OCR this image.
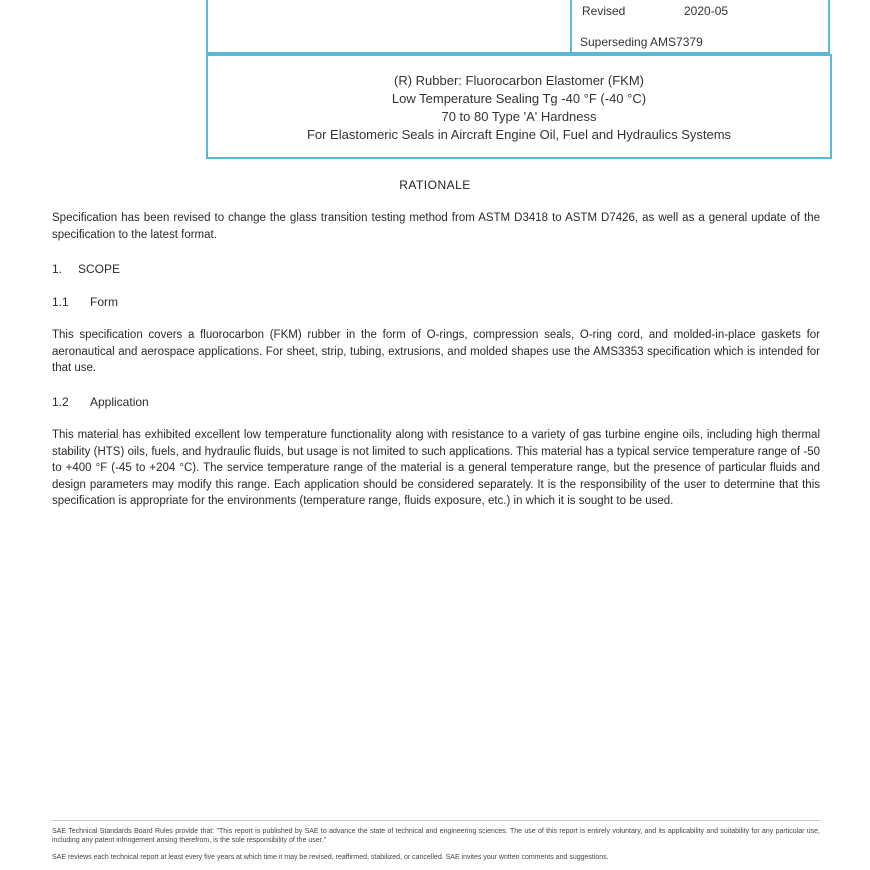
Revised	2020-05
Superseding AMS7379
(R) Rubber: Fluorocarbon Elastomer (FKM)
Low Temperature Sealing Tg -40 °F (-40 °C)
70 to 80 Type 'A' Hardness
For Elastomeric Seals in Aircraft Engine Oil, Fuel and Hydraulics Systems
RATIONALE
Specification has been revised to change the glass transition testing method from ASTM D3418 to ASTM D7426, as well as a general update of the specification to the latest format.
1. SCOPE
1.1 Form
This specification covers a fluorocarbon (FKM) rubber in the form of O-rings, compression seals, O-ring cord, and molded-in-place gaskets for aeronautical and aerospace applications. For sheet, strip, tubing, extrusions, and molded shapes use the AMS3353 specification which is intended for that use.
1.2 Application
This material has exhibited excellent low temperature functionality along with resistance to a variety of gas turbine engine oils, including high thermal stability (HTS) oils, fuels, and hydraulic fluids, but usage is not limited to such applications. This material has a typical service temperature range of -50 to +400 °F (-45 to +204 °C). The service temperature range of the material is a general temperature range, but the presence of particular fluids and design parameters may modify this range. Each application should be considered separately. It is the responsibility of the user to determine that this specification is appropriate for the environments (temperature range, fluids exposure, etc.) in which it is sought to be used.
SAE Technical Standards Board Rules provide that: "This report is published by SAE to advance the state of technical and engineering sciences. The use of this report is entirely voluntary, and its applicability and suitability for any particular use, including any patent infringement arising therefrom, is the sole responsibility of the user."
SAE reviews each technical report at least every five years at which time it may be revised, reaffirmed, stabilized, or cancelled. SAE invites your written comments and suggestions.
